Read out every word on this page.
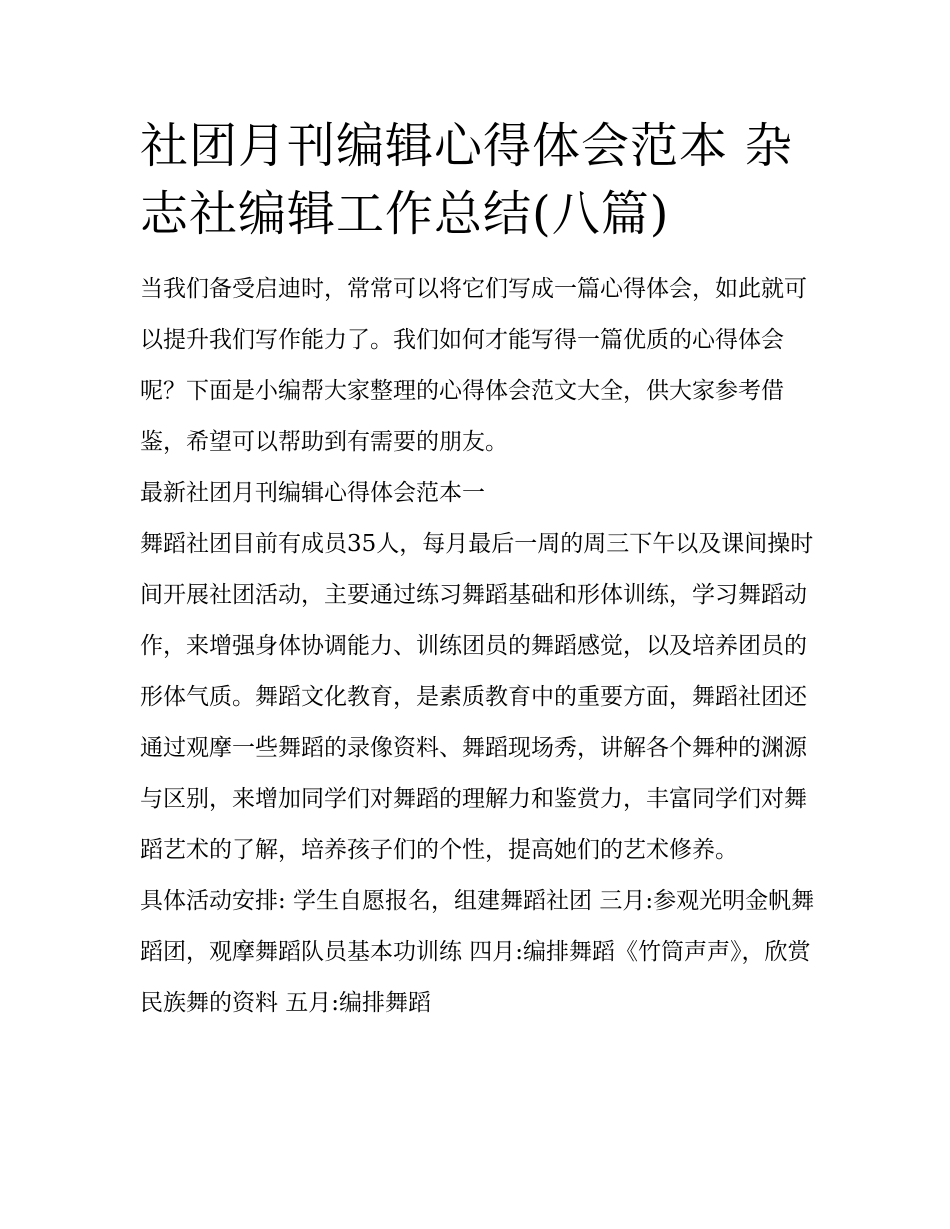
社团月刊编辑心得体会范本 杂志社编辑工作总结(八篇)

当我们备受启迪时，常常可以将它们写成一篇心得体会，如此就可以提升我们写作能力了。我们如何才能写得一篇优质的心得体会呢？下面是小编帮大家整理的心得体会范文大全，供大家参考借鉴，希望可以帮助到有需要的朋友。

最新社团月刊编辑心得体会范本一

舞蹈社团目前有成员35人，每月最后一周的周三下午以及课间操时间开展社团活动，主要通过练习舞蹈基础和形体训练，学习舞蹈动作，来增强身体协调能力、训练团员的舞蹈感觉，以及培养团员的形体气质。舞蹈文化教育，是素质教育中的重要方面，舞蹈社团还通过观摩一些舞蹈的录像资料、舞蹈现场秀，讲解各个舞种的渊源与区别，来增加同学们对舞蹈的理解力和鉴赏力，丰富同学们对舞蹈艺术的了解，培养孩子们的个性，提高她们的艺术修养。

具体活动安排: 学生自愿报名，组建舞蹈社团 三月:参观光明金帆舞蹈团，观摩舞蹈队员基本功训练 四月:编排舞蹈《竹筒声声》，欣赏民族舞的资料 五月:编排舞蹈
